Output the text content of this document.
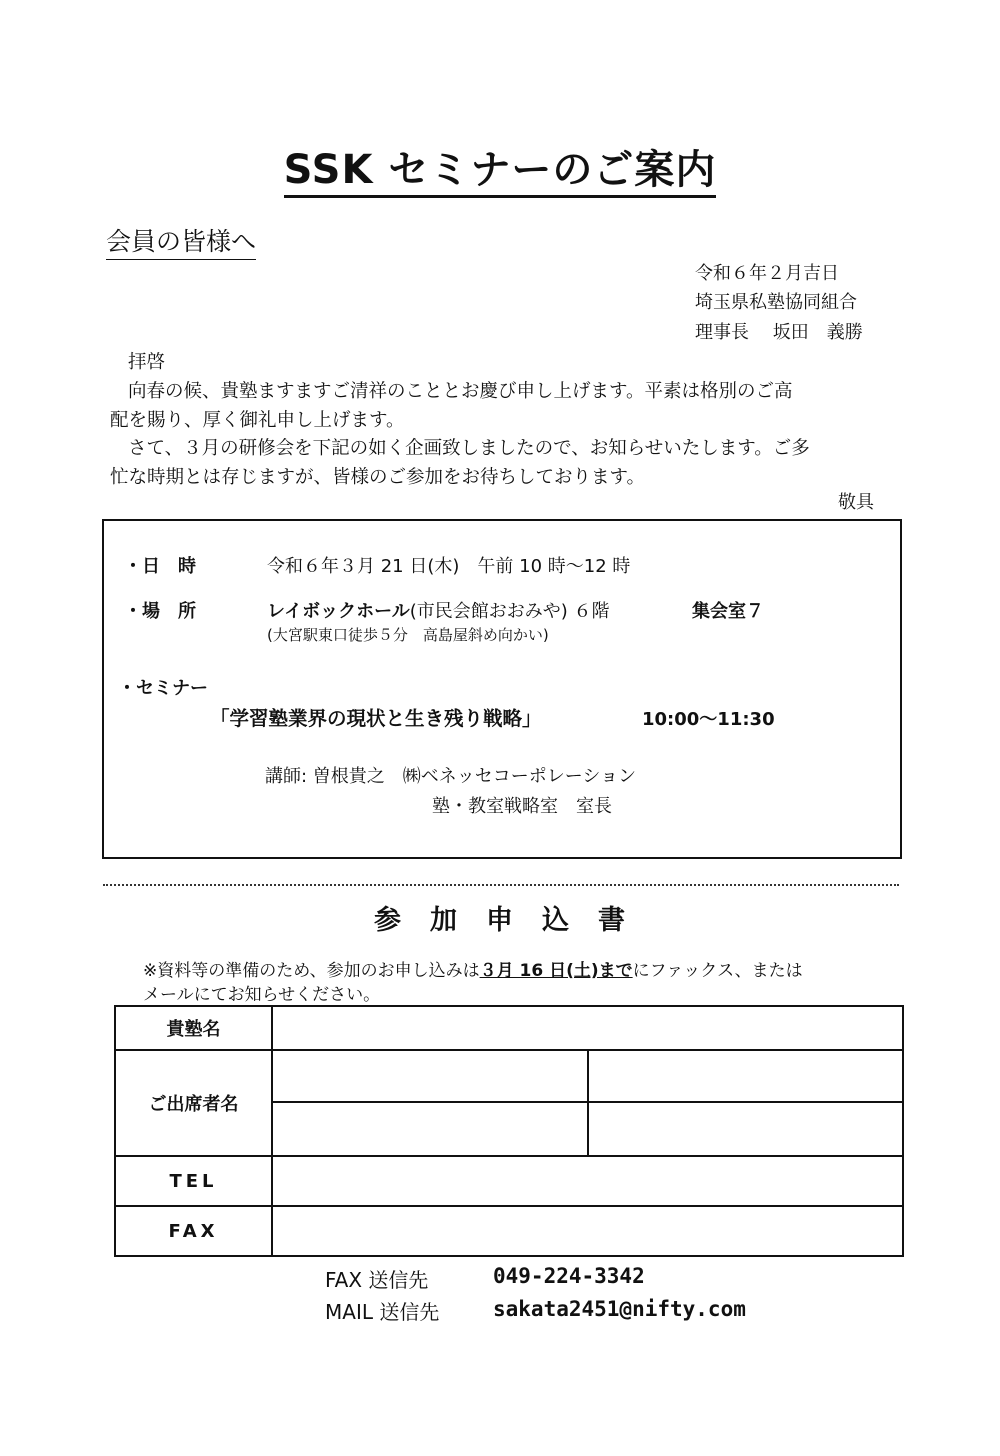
SSK セミナーのご案内
会員の皆様へ
令和６年２月吉日
埼玉県私塾協同組合
理事長　 坂田　義勝
拝啓
向春の候、貴塾ますますご清祥のこととお慶び申し上げます。平素は格別のご高
配を賜り、厚く御礼申し上げます。
さて、３月の研修会を下記の如く企画致しましたので、お知らせいたします。ご多
忙な時期とは存じますが、皆様のご参加をお待ちしております。
敬具
・日　時	令和６年３月 21 日(木)　午前 10 時～12 時
・場　所	レイボックホール(市民会館おおみや) ６階	集会室７
(大宮駅東口徒歩５分　高島屋斜め向かい)
・セミナー
「学習塾業界の現状と生き残り戦略」	10:00～11:30
講師: 曽根貴之　㈱ベネッセコーポレーション
塾・教室戦略室　室長
参　加　申　込　書
※資料等の準備のため、参加のお申し込みは３月 16 日(土)までにファックス、または
メールにてお知らせください。
貴塾名		
ご出席者名		

TEL		
FAX		
FAX 送信先	049-224-3342
MAIL 送信先	sakata2451@nifty.com
